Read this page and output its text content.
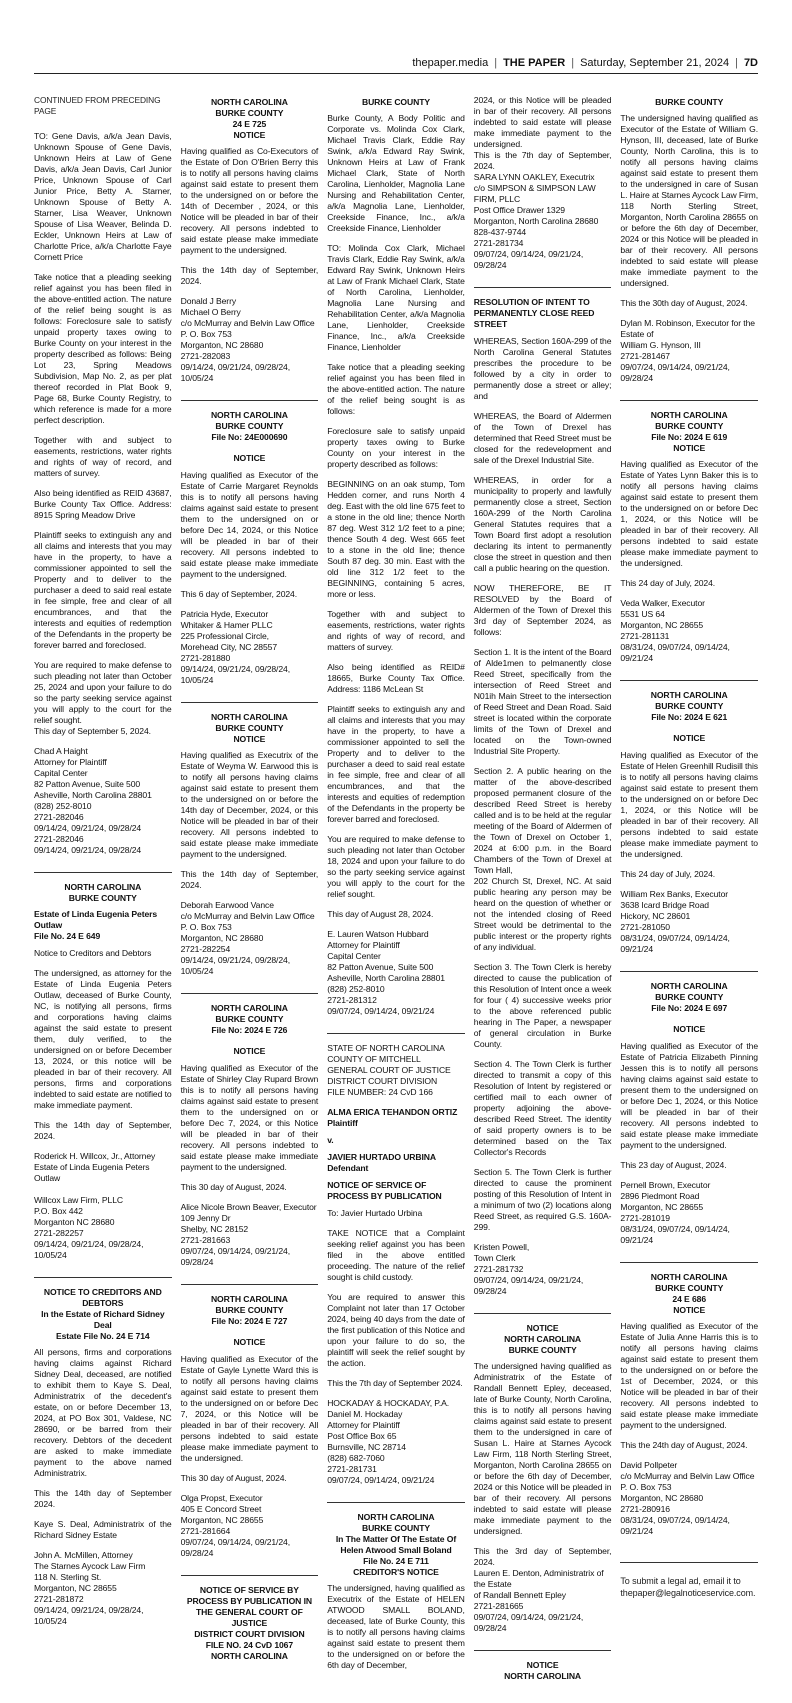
thepaper.media | THE PAPER | Saturday, September 21, 2024 | 7D
CONTINUED FROM PRECEDING PAGE

TO: Gene Davis, a/k/a Jean Davis, Unknown Spouse of Gene Davis, Unknown Heirs at Law of Gene Davis, a/k/a Jean Davis, Carl Junior Price, Unknown Spouse of Carl Junior Price, Betty A. Starner, Unknown Spouse of Betty A. Starner, Lisa Weaver, Unknown Spouse of Lisa Weaver, Belinda D. Eckler, Unknown Heirs at Law of Charlotte Price, a/k/a Charlotte Faye Cornett Price

Take notice that a pleading seeking relief against you has been filed in the above-entitled action. The nature of the relief being sought is as follows: Foreclosure sale to satisfy unpaid property taxes owing to Burke County on your interest in the property described as follows: Being Lot 23, Spring Meadows Subdivision, Map No. 2, as per plat thereof recorded in Plat Book 9, Page 68, Burke County Registry, to which reference is made for a more perfect description.

Together with and subject to easements, restrictions, water rights and rights of way of record, and matters of survey.

Also being identified as REID 43687, Burke County Tax Office. Address: 8915 Spring Meadow Drive

Plaintiff seeks to extinguish any and all claims and interests that you may have in the property, to have a commissioner appointed to sell the Property and to deliver to the purchaser a deed to said real estate in fee simple, free and clear of all encumbrances, and that the interests and equities of redemption of the Defendants in the property be forever barred and foreclosed.

You are required to make defense to such pleading not later than October 25, 2024 and upon your failure to do so the party seeking service against you will apply to the court for the relief sought.

This day of September 5, 2024.

Chad A Haight
Attorney for Plaintiff
Capital Center
82 Patton Avenue, Suite 500
Asheville, North Carolina 28801
(828) 252-8010
2721-282046
09/14/24, 09/21/24, 09/28/24
2721-282046
09/14/24, 09/21/24, 09/28/24
NORTH CAROLINA
BURKE COUNTY
Estate of Linda Eugenia Peters Outlaw
File No. 24 E 649

Notice to Creditors and Debtors

The undersigned, as attorney for the Estate of Linda Eugenia Peters Outlaw, deceased of Burke County, NC, is notifying all persons, firms and corporations having claims against the said estate to present them, duly verified, to the undersigned on or before December 13, 2024, or this notice will be pleaded in bar of their recovery. All persons, firms and corporations indebted to said estate are notified to make immediate payment.

This the 14th day of September, 2024.

Roderick H. Willcox, Jr., Attorney
Estate of Linda Eugenia Peters Outlaw

Willcox Law Firm, PLLC
P.O. Box 442
Morganton NC 28680
2721-282257
09/14/24, 09/21/24, 09/28/24, 10/05/24
NOTICE TO CREDITORS AND DEBTORS
In the Estate of Richard Sidney Deal
Estate File No. 24 E 714

All persons, firms and corporations having claims against Richard Sidney Deal, deceased, are notified to exhibit them to Kaye S. Deal, Administratrix of the decedent's estate, on or before December 13, 2024, at PO Box 301, Valdese, NC 28690, or be barred from their recovery. Debtors of the decedent are asked to make immediate payment to the above named Administratrix.

This the 14th day of September 2024.

Kaye S. Deal, Administratrix of the Richard Sidney Estate

John A. McMillen, Attorney
The Starnes Aycock Law Firm
118 N. Sterling St.
Morganton, NC 28655
2721-281872
09/14/24, 09/21/24, 09/28/24, 10/05/24
NORTH CAROLINA
BURKE COUNTY
24 E 725
NOTICE

Having qualified as Co-Executors of the Estate of Don O'Brien Berry this is to notify all persons having claims against said estate to present them to the undersigned on or before the 14th of December , 2024, or this Notice will be pleaded in bar of their recovery. All persons indebted to said estate please make immediate payment to the undersigned.

This the 14th day of September, 2024.

Donald J Berry
Michael O Berry
c/o McMurray and Belvin Law Office
P. O. Box 753
Morganton, NC 28680
2721-282083
09/14/24, 09/21/24, 09/28/24, 10/05/24
NORTH CAROLINA
BURKE COUNTY
File No: 24E000690
NOTICE

Having qualified as Executor of the Estate of Carrie Margaret Reynolds this is to notify all persons having claims against said estate to present them to the undersigned on or before Dec 14, 2024, or this Notice will be pleaded in bar of their recovery. All persons indebted to said estate please make immediate payment to the undersigned.

This 6 day of September, 2024.

Patricia Hyde, Executor
Whitaker & Hamer PLLC
225 Professional Circle,
Morehead City, NC 28557
2721-281880
09/14/24, 09/21/24, 09/28/24, 10/05/24
NORTH CAROLINA
BURKE COUNTY
NOTICE

Having qualified as Executrix of the Estate of Weyma W. Earwood this is to notify all persons having claims against said estate to present them to the undersigned on or before the 14th day of December, 2024, or this Notice will be pleaded in bar of their recovery. All persons indebted to said estate please make immediate payment to the undersigned.

This the 14th day of September, 2024.

Deborah Earwood Vance
c/o McMurray and Belvin Law Office
P. O. Box 753
Morganton, NC 28680
2721-282254
09/14/24, 09/21/24, 09/28/24, 10/05/24
NORTH CAROLINA
BURKE COUNTY
File No: 2024 E 726
NOTICE

Having qualified as Executor of the Estate of Shirley Clay Rupard Brown this is to notify all persons having claims against said estate to present them to the undersigned on or before Dec 7, 2024, or this Notice will be pleaded in bar of their recovery. All persons indebted to said estate please make immediate payment to the undersigned.

This 30 day of August, 2024.

Alice Nicole Brown Beaver, Executor
109 Jenny Dr
Shelby, NC 28152
2721-281663
09/07/24, 09/14/24, 09/21/24, 09/28/24
NORTH CAROLINA
BURKE COUNTY
File No: 2024 E 727
NOTICE

Having qualified as Executor of the Estate of Gayle Lynette Ward this is to notify all persons having claims against said estate to present them to the undersigned on or before Dec 7, 2024, or this Notice will be pleaded in bar of their recovery. All persons indebted to said estate please make immediate payment to the undersigned.

This 30 day of August, 2024.

Olga Propst, Executor
405 E Concord Street
Morganton, NC 28655
2721-281664
09/07/24, 09/14/24, 09/21/24, 09/28/24
NOTICE OF SERVICE BY PROCESS BY PUBLICATION IN THE GENERAL COURT OF JUSTICE
DISTRICT COURT DIVISION
FILE NO. 24 CvD 1067
NORTH CAROLINA
BURKE COUNTY

Burke County, A Body Politic and Corporate vs. Molinda Cox Clark, Michael Travis Clark, Eddie Ray Swink, a/k/a Edward Ray Swink, Unknown Heirs at Law of Frank Michael Clark, State of North Carolina, Lienholder, Magnolia Lane Nursing and Rehabilitation Center, a/k/a Magnolia Lane, Lienholder, Creekside Finance, Inc., a/k/a Creekside Finance, Lienholder

TO: Molinda Cox Clark, Michael Travis Clark, Eddie Ray Swink, a/k/a Edward Ray Swink, Unknown Heirs at Law of Frank Michael Clark, State of North Carolina, Lienholder, Magnolia Lane Nursing and Rehabilitation Center, a/k/a Magnolia Lane, Lienholder, Creekside Finance, Inc., a/k/a Creekside Finance, Lienholder

Take notice that a pleading seeking relief against you has been filed in the above-entitled action. The nature of the relief being sought is as follows:

Foreclosure sale to satisfy unpaid property taxes owing to Burke County on your interest in the property described as follows:

BEGINNING on an oak stump, Tom Hedden corner, and runs North 4 deg. East with the old line 675 feet to a stone in the old line; thence North 87 deg. West 312 1/2 feet to a pine; thence South 4 deg. West 665 feet to a stone in the old line; thence South 87 deg. 30 min. East with the old line 312 1/2 feet to the BEGINNING, containing 5 acres, more or less.

Together with and subject to easements, restrictions, water rights and rights of way of record, and matters of survey.

Also being identified as REID# 18665, Burke County Tax Office. Address: 1186 McLean St

Plaintiff seeks to extinguish any and all claims and interests that you may have in the property, to have a commissioner appointed to sell the Property and to deliver to the purchaser a deed to said real estate in fee simple, free and clear of all encumbrances, and that the interests and equities of redemption of the Defendants in the property be forever barred and foreclosed.

You are required to make defense to such pleading not later than October 18, 2024 and upon your failure to do so the party seeking service against you will apply to the court for the relief sought.

This day of August 28, 2024.

E. Lauren Watson Hubbard
Attorney for Plaintiff
Capital Center
82 Patton Avenue, Suite 500
Asheville, North Carolina 28801
(828) 252-8010
2721-281312
09/07/24, 09/14/24, 09/21/24
STATE OF NORTH CAROLINA
COUNTY OF MITCHELL
GENERAL COURT OF JUSTICE
DISTRICT COURT DIVISION
FILE NUMBER: 24 CvD 166
ALMA ERICA TEHANDON ORTIZ
Plaintiff
v.
JAVIER HURTADO URBINA
Defendant
NOTICE OF SERVICE OF PROCESS BY PUBLICATION

To: Javier Hurtado Urbina

TAKE NOTICE that a Complaint seeking relief against you has been filed in the above entitled proceeding. The nature of the relief sought is child custody.

You are required to answer this Complaint not later than 17 October 2024, being 40 days from the date of the first publication of this Notice and upon your failure to do so, the plaintiff will seek the relief sought by the action.

This the 7th day of September 2024.

HOCKADAY & HOCKADAY, P.A.
Daniel M. Hockaday
Attorney for Plaintiff
Post Office Box 65
Burnsville, NC 28714
(828) 682-7060
2721-281731
09/07/24, 09/14/24, 09/21/24
NORTH CAROLINA
BURKE COUNTY
In The Matter Of The Estate Of Helen Atwood Small Boland
File No. 24 E 711
CREDITOR'S NOTICE

The undersigned, having qualified as Executrix of the Estate of HELEN ATWOOD SMALL BOLAND, deceased, late of Burke County, this is to notify all persons having claims against said estate to present them to the undersigned on or before the 6th day of December,

2024, or this Notice will be pleaded in bar of their recovery. All persons indebted to said estate will please make immediate payment to the undersigned.

This is the 7th day of September, 2024.

SARA LYNN OAKLEY, Executrix
c/o SIMPSON & SIMPSON LAW FIRM, PLLC
Post Office Drawer 1329
Morganton, North Carolina 28680
828-437-9744
2721-281734
09/07/24, 09/14/24, 09/21/24, 09/28/24
RESOLUTION OF INTENT TO PERMANENTLY CLOSE REED STREET

WHEREAS, Section 160A-299 of the North Carolina General Statutes prescribes the procedure to be followed by a city in order to permanently dose a street or alley; and

WHEREAS, the Board of Aldermen of the Town of Drexel has determined that Reed Street must be closed for the redevelopment and sale of the Drexel Industrial Site.

WHEREAS, in order for a municipality to properly and lawfully permanently close a street, Section 160A-299 of the North Carolina General Statutes requires that a Town Board first adopt a resolution declaring its intent to permanently close the street in question and then call a public hearing on the question.

NOW THEREFORE, BE IT RESOLVED by the Board of Aldermen of the Town of Drexel this 3rd day of September 2024, as follows:

Section 1. It is the intent of the Board of Alde1men to pelmanently close Reed Street, specifically from the intersection of Reed Street and N01ih Main Street to the intersection of Reed Street and Dean Road. Said street is located within the corporate limits of the Town of Drexel and located on the Town-owned Industrial Site Property.

Section 2. A public hearing on the matter of the above-described proposed permanent closure of the described Reed Street is hereby called and is to be held at the regular meeting of the Board of Aldermen of the Town of Drexel on October 1, 2024 at 6:00 p.m. in the Board Chambers of the Town of Drexel at Town Hall,
202 Church St, Drexel, NC. At said public hearing any person may be heard on the question of whether or not the intended closing of Reed Street would be detrimental to the public interest or the property rights of any individual.

Section 3. The Town Clerk is hereby directed to cause the publication of this Resolution of Intent once a week for four ( 4) successive weeks prior to the above referenced public hearing in The Paper, a newspaper of general circulation in Burke County.

Section 4. The Town Clerk is further directed to transmit a copy of this Resolution of Intent by registered or certified mail to each owner of property adjoining the above-described Reed Street. The identity of said property owners is to be determined based on the Tax Collector's Records

Section 5. The Town Clerk is further directed to cause the prominent posting of this Resolution of Intent in a minimum of two (2) locations along Reed Street, as required G.S. 160A-299.

Kristen Powell,
Town Clerk
2721-281732
09/07/24, 09/14/24, 09/21/24, 09/28/24
NOTICE
NORTH CAROLINA
BURKE COUNTY

The undersigned having qualified as Administratrix of the Estate of Randall Bennett Epley, deceased, late of Burke County, North Carolina, this is to notify all persons having claims against said estate to present them to the undersigned in care of Susan L. Haire at Starnes Aycock Law Firm, 118 North Sterling Street, Morganton, North Carolina 28655 on or before the 6th day of December, 2024 or this Notice will be pleaded in bar of their recovery. All persons indebted to said estate will please make immediate payment to the undersigned.

This the 3rd day of September, 2024.

Lauren E. Denton, Administratrix of the Estate
of Randall Bennett Epley
2721-281665
09/07/24, 09/14/24, 09/21/24, 09/28/24
NOTICE
NORTH CAROLINA
BURKE COUNTY

The undersigned having qualified as Executor of the Estate of William G. Hynson, III, deceased, late of Burke County, North Carolina, this is to notify all persons having claims against said estate to present them to the undersigned in care of Susan L. Haire at Starnes Aycock Law Firm, 118 North Sterling Street, Morganton, North Carolina 28655 on or before the 6th day of December, 2024 or this Notice will be pleaded in bar of their recovery. All persons indebted to said estate will please make immediate payment to the undersigned.

This the 30th day of August, 2024.

Dylan M. Robinson, Executor for the Estate of
William G. Hynson, III
2721-281467
09/07/24, 09/14/24, 09/21/24, 09/28/24
NORTH CAROLINA
BURKE COUNTY
File No: 2024 E 619
NOTICE

Having qualified as Executor of the Estate of Yates Lynn Baker this is to notify all persons having claims against said estate to present them to the undersigned on or before Dec 1, 2024, or this Notice will be pleaded in bar of their recovery. All persons indebted to said estate please make immediate payment to the undersigned.

This 24 day of July, 2024.

Veda Walker, Executor
5531 US 64
Morganton, NC 28655
2721-281131
08/31/24, 09/07/24, 09/14/24, 09/21/24
NORTH CAROLINA
BURKE COUNTY
File No: 2024 E 621
NOTICE

Having qualified as Executor of the Estate of Helen Greenhill Rudisill this is to notify all persons having claims against said estate to present them to the undersigned on or before Dec 1, 2024, or this Notice will be pleaded in bar of their recovery. All persons indebted to said estate please make immediate payment to the undersigned.

This 24 day of July, 2024.

William Rex Banks, Executor
3638 Icard Bridge Road
Hickory, NC 28601
2721-281050
08/31/24, 09/07/24, 09/14/24, 09/21/24
NORTH CAROLINA
BURKE COUNTY
File No: 2024 E 697
NOTICE

Having qualified as Executor of the Estate of Patricia Elizabeth Pinning Jessen this is to notify all persons having claims against said estate to present them to the undersigned on or before Dec 1, 2024, or this Notice will be pleaded in bar of their recovery. All persons indebted to said estate please make immediate payment to the undersigned.

This 23 day of August, 2024.

Pernell Brown, Executor
2896 Piedmont Road
Morganton, NC 28655
2721-281019
08/31/24, 09/07/24, 09/14/24, 09/21/24
NORTH CAROLINA
BURKE COUNTY
24 E 686
NOTICE

Having qualified as Executor of the Estate of Julia Anne Harris this is to notify all persons having claims against said estate to present them to the undersigned on or before the 1st of December, 2024, or this Notice will be pleaded in bar of their recovery. All persons indebted to said estate please make immediate payment to the undersigned.

This the 24th day of August, 2024.

David Pollpeter
c/o McMurray and Belvin Law Office
P. O. Box 753
Morganton, NC 28680
2721-280916
08/31/24, 09/07/24, 09/14/24, 09/21/24
To submit a legal ad, email it to thepaper@legalnoticeservice.com.
